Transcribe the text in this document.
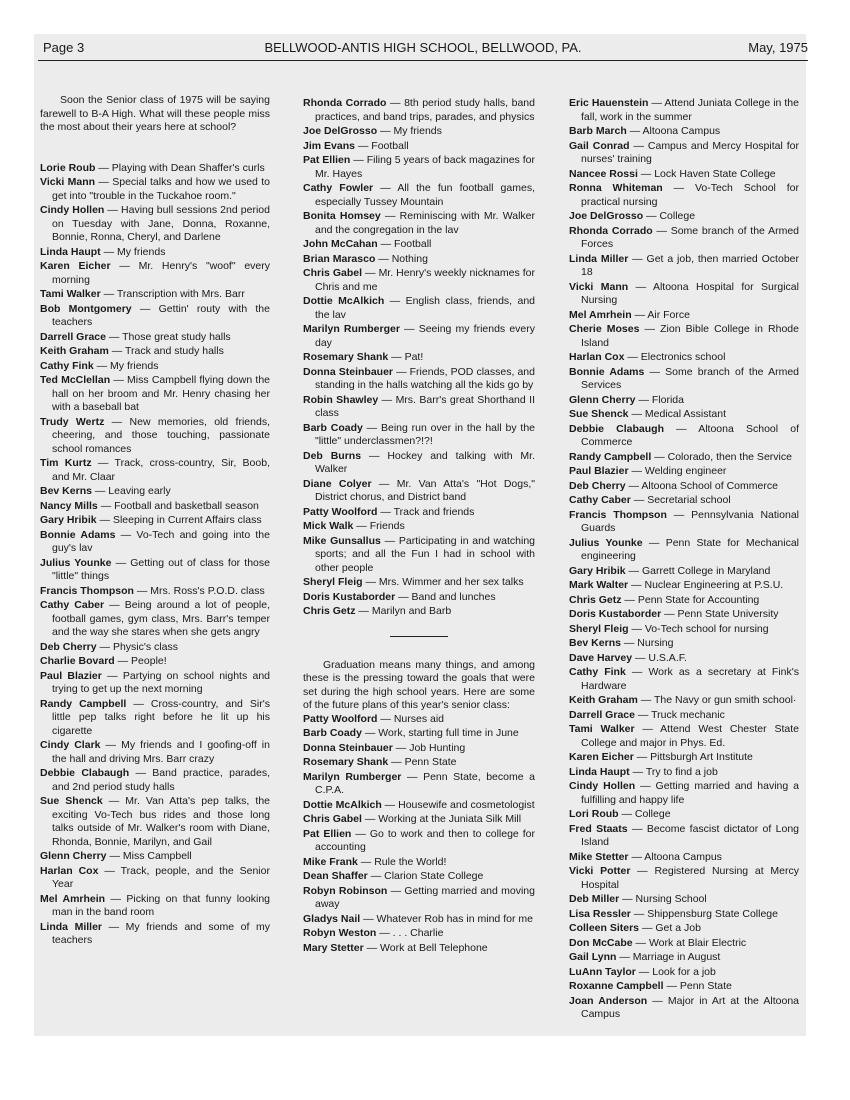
Page 3	BELLWOOD-ANTIS HIGH SCHOOL, BELLWOOD, PA.	May, 1975

Soon the Senior class of 1975 will be saying farewell to B-A High. What will these people miss the most about their years here at school?

Lorie Roub — Playing with Dean Shaffer's curls

Vicki Mann — Special talks and how we used to get into "trouble in the Tuckahoe room."

Cindy Hollen — Having bull sessions 2nd period on Tuesday with Jane, Donna, Roxanne, Bonnie, Ronna, Cheryl, and Darlene

Linda Haupt — My friends

Karen Eicher — Mr. Henry's "woof" every morning

Tami Walker — Transcription with Mrs. Barr

Bob Montgomery — Gettin' routy with the teachers

Darrell Grace — Those great study halls

Keith Graham — Track and study halls

Cathy Fink — My friends

Ted McClellan — Miss Campbell flying down the hall on her broom and Mr. Henry chasing her with a baseball bat

Trudy Wertz — New memories, old friends, cheering, and those touching, passionate school romances

Tim Kurtz — Track, cross-country, Sir, Boob, and Mr. Claar

Bev Kerns — Leaving early

Nancy Mills — Football and basketball season

Gary Hribik — Sleeping in Current Affairs class

Bonnie Adams — Vo-Tech and going into the guy's lav

Julius Younke — Getting out of class for those "little" things

Francis Thompson — Mrs. Ross's P.O.D. class

Cathy Caber — Being around a lot of people, football games, gym class, Mrs. Barr's temper and the way she stares when she gets angry

Deb Cherry — Physic's class

Charlie Bovard — People!

Paul Blazier — Partying on school nights and trying to get up the next morning

Randy Campbell — Cross-country, and Sir's little pep talks right before he lit up his cigarette

Cindy Clark — My friends and I goofing-off in the hall and driving Mrs. Barr crazy

Debbie Clabaugh — Band practice, parades, and 2nd period study halls

Sue Shenck — Mr. Van Atta's pep talks, the exciting Vo-Tech bus rides and those long talks outside of Mr. Walker's room with Diane, Rhonda, Bonnie, Marilyn, and Gail

Glenn Cherry — Miss Campbell

Harlan Cox — Track, people, and the Senior Year

Mel Amrhein — Picking on that funny looking man in the band room

Linda Miller — My friends and some of my teachers

Rhonda Corrado — 8th period study halls, band practices, and band trips, parades, and physics

Joe DelGrosso — My friends

Jim Evans — Football

Pat Ellien — Filing 5 years of back magazines for Mr. Hayes

Cathy Fowler — All the fun football games, especially Tussey Mountain

Bonita Homsey — Reminiscing with Mr. Walker and the congregation in the lav

John McCahan — Football

Brian Marasco — Nothing

Chris Gabel — Mr. Henry's weekly nicknames for Chris and me

Dottie McAlkich — English class, friends, and the lav

Marilyn Rumberger — Seeing my friends every day

Rosemary Shank — Pat!

Donna Steinbauer — Friends, POD classes, and standing in the halls watching all the kids go by

Robin Shawley — Mrs. Barr's great Shorthand II class

Barb Coady — Being run over in the hall by the "little" underclassmen?!?!

Deb Burns — Hockey and talking with Mr. Walker

Diane Colyer — Mr. Van Atta's "Hot Dogs," District chorus, and District band

Patty Woolford — Track and friends

Mick Walk — Friends

Mike Gunsallus — Participating in and watching sports; and all the Fun I had in school with other people

Sheryl Fleig — Mrs. Wimmer and her sex talks

Doris Kustaborder — Band and lunches

Chris Getz — Marilyn and Barb

Graduation means many things, and among these is the pressing toward the goals that were set during the high school years. Here are some of the future plans of this year's senior class:

Patty Woolford — Nurses aid

Barb Coady — Work, starting full time in June

Donna Steinbauer — Job Hunting

Rosemary Shank — Penn State

Marilyn Rumberger — Penn State, become a C.P.A.

Dottie McAlkich — Housewife and cosmetologist

Chris Gabel — Working at the Juniata Silk Mill

Pat Ellien — Go to work and then to college for accounting

Mike Frank — Rule the World!

Dean Shaffer — Clarion State College

Robyn Robinson — Getting married and moving away

Gladys Nail — Whatever Rob has in mind for me

Robyn Weston — . . . Charlie

Mary Stetter — Work at Bell Telephone

Eric Hauenstein — Attend Juniata College in the fall, work in the summer

Barb March — Altoona Campus

Gail Conrad — Campus and Mercy Hospital for nurses' training

Nancee Rossi — Lock Haven State College

Ronna Whiteman — Vo-Tech School for practical nursing

Joe DelGrosso — College

Rhonda Corrado — Some branch of the Armed Forces

Linda Miller — Get a job, then married October 18

Vicki Mann — Altoona Hospital for Surgical Nursing

Mel Amrhein — Air Force

Cherie Moses — Zion Bible College in Rhode Island

Harlan Cox — Electronics school

Bonnie Adams — Some branch of the Armed Services

Glenn Cherry — Florida

Sue Shenck — Medical Assistant

Debbie Clabaugh — Altoona School of Commerce

Randy Campbell — Colorado, then the Service

Paul Blazier — Welding engineer

Deb Cherry — Altoona School of Commerce

Cathy Caber — Secretarial school

Francis Thompson — Pennsylvania National Guards

Julius Younke — Penn State for Mechanical engineering

Gary Hribik — Garrett College in Maryland

Mark Walter — Nuclear Engineering at P.S.U.

Chris Getz — Penn State for Accounting

Doris Kustaborder — Penn State University

Sheryl Fleig — Vo-Tech school for nursing

Bev Kerns — Nursing

Dave Harvey — U.S.A.F.

Cathy Fink — Work as a secretary at Fink's Hardware

Keith Graham — The Navy or gun smith school·

Darrell Grace — Truck mechanic

Tami Walker — Attend West Chester State College and major in Phys. Ed.

Karen Eicher — Pittsburgh Art Institute

Linda Haupt — Try to find a job

Cindy Hollen — Getting married and having a fulfilling and happy life

Lori Roub — College

Fred Staats — Become fascist dictator of Long Island

Mike Stetter — Altoona Campus

Vicki Potter — Registered Nursing at Mercy Hospital

Deb Miller — Nursing School

Lisa Ressler — Shippensburg State College

Colleen Siters — Get a Job

Don McCabe — Work at Blair Electric

Gail Lynn — Marriage in August

LuAnn Taylor — Look for a job

Roxanne Campbell — Penn State

Joan Anderson — Major in Art at the Altoona Campus
